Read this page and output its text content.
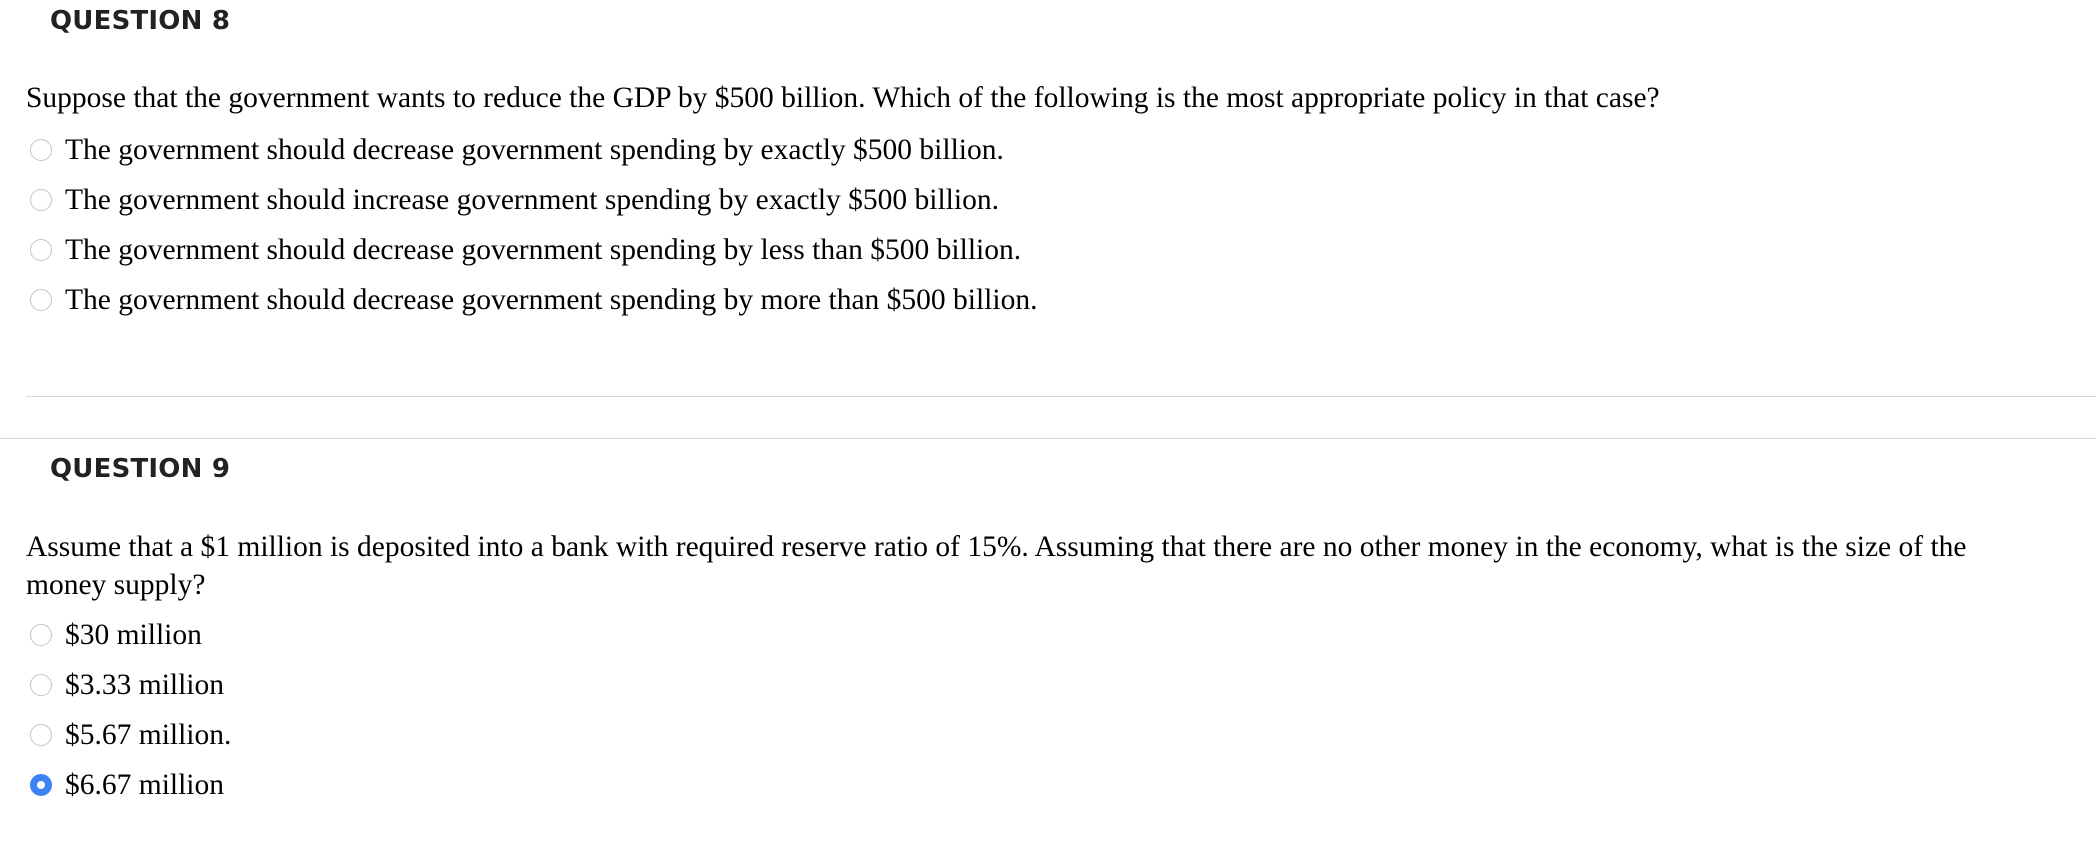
QUESTION 8
Suppose that the government wants to reduce the GDP by $500 billion. Which of the following is the most appropriate policy in that case?
The government should decrease government spending by exactly $500 billion.
The government should increase government spending by exactly $500 billion.
The government should decrease government spending by less than $500 billion.
The government should decrease government spending by more than $500 billion.
QUESTION 9
Assume that a $1 million is deposited into a bank with required reserve ratio of 15%. Assuming that there are no other money in the economy, what is the size of the money supply?
$30 million
$3.33 million
$5.67 million.
$6.67 million
